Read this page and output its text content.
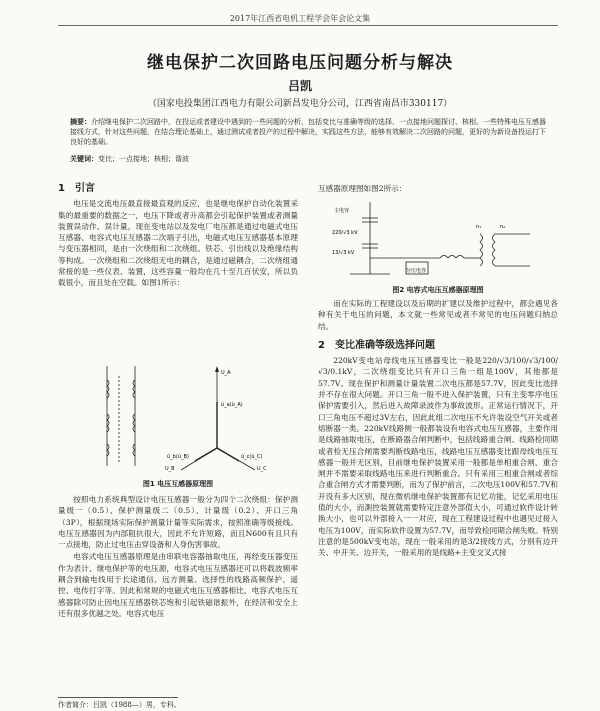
2017年江西省电机工程学会年会论文集
继电保护二次回路电压问题分析与解决
吕凯
（国家电投集团江西电力有限公司新昌发电分公司，江西省南昌市330117）
摘要：介绍继电保护二次回路中，在投运或者建设中遇到的一些问题的分析，包括变比与准确等级的选择、一点接地问题探讨、核相、一些特殊电压互感器接线方式，针对这些问题，在结合理论基础上，通过测试或者投产的过程中解决，实践这些方法，能够有效解决二次回路的问题，更好的为新设备投运打下良好的基础。
关键词：变比；一点接地；核相；谐波
1　引言

电压是交流电压最直接最直观的反应，也是继电保护自动化装置采集的最重要的数据之一，电压下降或者升高都会引起保护装置或者测量装置误动作、误计量，现在变电站以及发电厂电压都是通过电磁式电压互感器、电容式电压互感器二次端子引出，电磁式电压互感器基本原理与变压器相同，是由一次绕组和二次绕组、铁芯、引出线以及绝缘结构等构成。一次绕组和二次绕组无电的耦合，是通过磁耦合，二次绕组通常接的是一些仪表、装置，这些容量一般均在几十至几百伏安，所以负载很小，而且处在空载。如图1所示：

U_A
U_B	U_C
ù_a(ù_A)
ù_b(ù_B)	ù_c(ù_C)
图1 电压互感器原理图

按照电力系统典型设计电压互感器一般分为四个二次绕组：保护测量级一（0.5）、保护测量级二（0.5）、计量级（0.2）、开口三角（3P），根据现场实际保护测量计量等实际需求，按照准确等级接线。电压互感器因为内部阻抗很大，因此不允许短路，而且N600有且只有一点接地，防止过电压击穿设备和人身伤害事故。

电容式电压互感器原理是由串联电容器抽取电压，再经变压器变压作为表计、继电保护等的电压源，电容式电压互感器还可以将载波频率耦合到输电线用于长途通信、远方测量、选择性的线路高频保护、遥控、电传打字等。因此和常规的电磁式电压互感器相比，电容式电压互感器除可防止因电压互感器铁芯饱和引起铁磁谐振外，在经济和安全上还有很多优越之处。电容式电压

互感器原理图如图2所示：

主电容
220/√3 kV
13/√3 kV
分压电容
n₁	n₂
图2 电容式电压互感器原理图

而在实际的工程建设以及后期的扩建以及维护过程中，都会遇见各种有关于电压的问题，本文就一些常见或者不常见的电压问题归纳总结。

2　变比准确等级选择问题

220kV变电站母线电压互感器变比一般是220/√3/100/√3/100/√3/0.1kV，二次绕组变比只有开口三角一组是100V，其他都是57.7V。现在保护和测量计量装置二次电压都是57.7V，因此变比选择并不存在很大问题。开口三角一般不进入保护装置，只有主变零序电压保护需要引入，然后进入故障录波作为事故波形。正常运行情况下，开口三角电压不超过3V左右，因此此组二次电压不允许装设空气开关或者熔断器一类。220kV线路侧一般都装设有电容式电压互感器，主要作用是线路抽取电压，在断路器合闸判断中，包括线路重合闸、线路检同期或者检无压合闸需要判断线路电压，线路电压互感器变比跟母线电压互感器一般并无区别，目前继电保护装置采用一般都是单相重合闸，重合闸并不需要采取线路电压来进行判断重合。只有采用三相重合闸或者综合重合闸方式才需要判断，而为了保护前言，二次电压100V和57.7V和开没有多大区别，现在微机继电保护装置都有记忆功能，记忆采用电压值的大小，而測控装置就需要特定注意外部值大小，可通过软件设计转换大小，也可以外部接入一一对应，现在工程建设过程中也遇见过接入电压为100V，而实际软件设置为57.7V，而导致检同期合闸失败。特别注意的是500kV变电站，现在一般采用的是3/2接线方式，分别有边开关、中开关、边开关，一般采用的是线路+主变交叉式接

作者简介：吕凯（1988—）男，专科。
